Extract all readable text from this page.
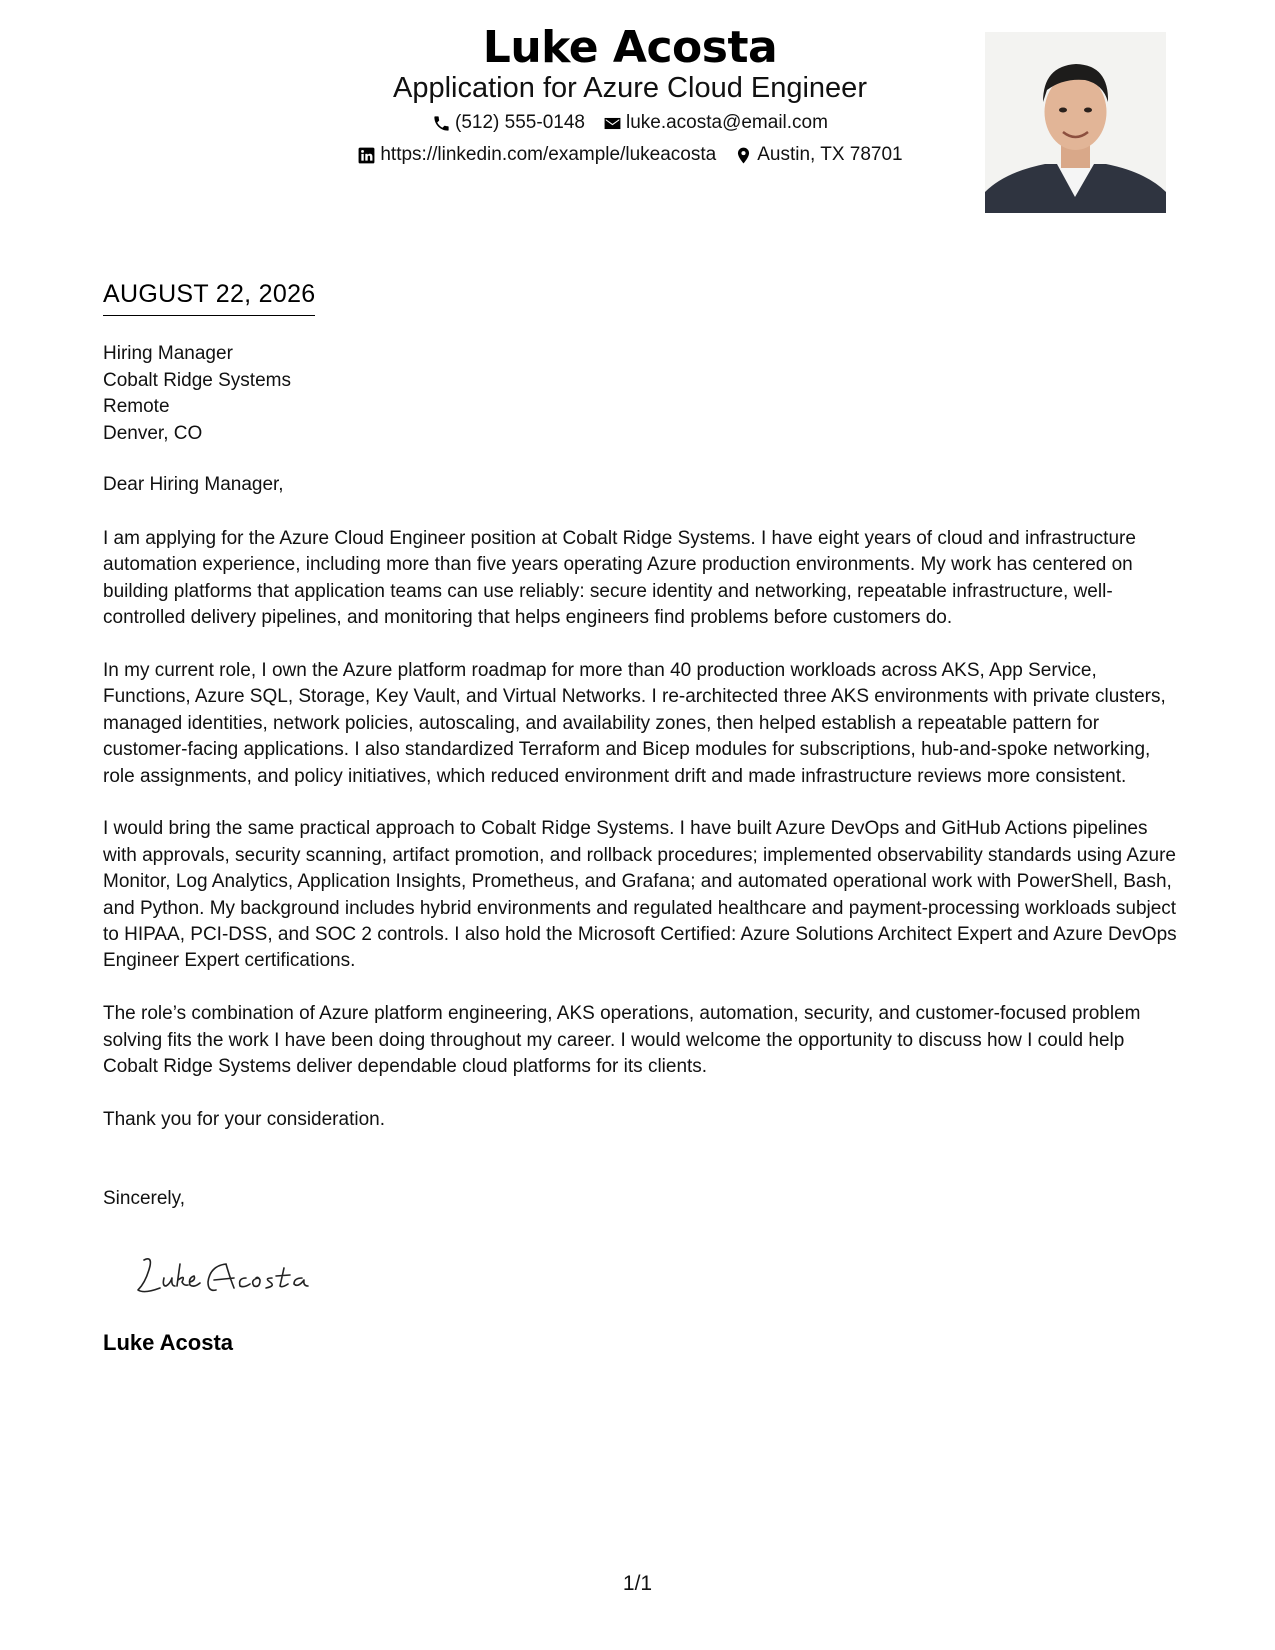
Luke Acosta
Application for Azure Cloud Engineer
(512) 555-0148 luke.acosta@email.com
https://linkedin.com/example/lukeacosta Austin, TX 78701
AUGUST 22, 2026
Hiring Manager
Cobalt Ridge Systems
Remote
Denver, CO
Dear Hiring Manager,

I am applying for the Azure Cloud Engineer position at Cobalt Ridge Systems. I have eight years of cloud and infrastructure automation experience, including more than five years operating Azure production environments. My work has centered on building platforms that application teams can use reliably: secure identity and networking, repeatable infrastructure, well-controlled delivery pipelines, and monitoring that helps engineers find problems before customers do.

In my current role, I own the Azure platform roadmap for more than 40 production workloads across AKS, App Service, Functions, Azure SQL, Storage, Key Vault, and Virtual Networks. I re-architected three AKS environments with private clusters, managed identities, network policies, autoscaling, and availability zones, then helped establish a repeatable pattern for customer-facing applications. I also standardized Terraform and Bicep modules for subscriptions, hub-and-spoke networking, role assignments, and policy initiatives, which reduced environment drift and made infrastructure reviews more consistent.

I would bring the same practical approach to Cobalt Ridge Systems. I have built Azure DevOps and GitHub Actions pipelines with approvals, security scanning, artifact promotion, and rollback procedures; implemented observability standards using Azure Monitor, Log Analytics, Application Insights, Prometheus, and Grafana; and automated operational work with PowerShell, Bash, and Python. My background includes hybrid environments and regulated healthcare and payment-processing workloads subject to HIPAA, PCI-DSS, and SOC 2 controls. I also hold the Microsoft Certified: Azure Solutions Architect Expert and Azure DevOps Engineer Expert certifications.

The role’s combination of Azure platform engineering, AKS operations, automation, security, and customer-focused problem solving fits the work I have been doing throughout my career. I would welcome the opportunity to discuss how I could help Cobalt Ridge Systems deliver dependable cloud platforms for its clients.

Thank you for your consideration.

Sincerely,
Luke Acosta
1/1
